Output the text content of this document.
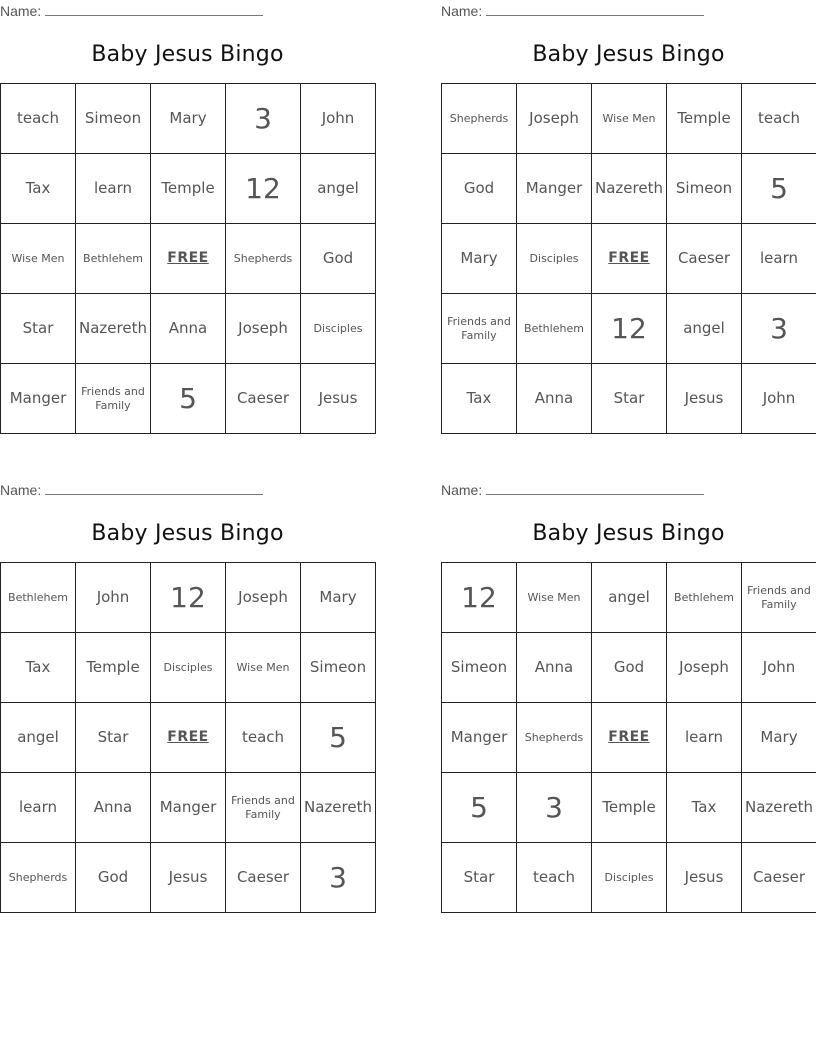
Name:
Baby Jesus Bingo
teach	Simeon	Mary	3	John
Tax	learn	Temple	12	angel
Wise Men	Bethlehem	FREE	Shepherds	God
Star	Nazereth	Anna	Joseph	Disciples
Manger	Friends and Family	5	Caeser	Jesus
Name:
Baby Jesus Bingo
Shepherds	Joseph	Wise Men	Temple	teach
God	Manger	Nazereth	Simeon	5
Mary	Disciples	FREE	Caeser	learn
Friends and Family	Bethlehem	12	angel	3
Tax	Anna	Star	Jesus	John
Name:
Baby Jesus Bingo
Bethlehem	John	12	Joseph	Mary
Tax	Temple	Disciples	Wise Men	Simeon
angel	Star	FREE	teach	5
learn	Anna	Manger	Friends and Family	Nazereth
Shepherds	God	Jesus	Caeser	3
Name:
Baby Jesus Bingo
12	Wise Men	angel	Bethlehem	Friends and Family
Simeon	Anna	God	Joseph	John
Manger	Shepherds	FREE	learn	Mary
5	3	Temple	Tax	Nazereth
Star	teach	Disciples	Jesus	Caeser
